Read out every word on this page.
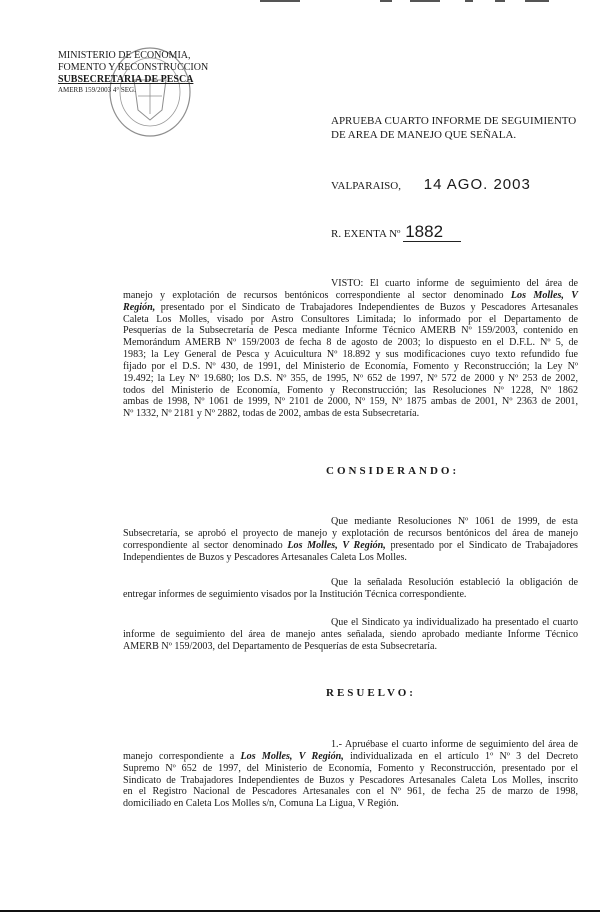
MINISTERIO DE ECONOMIA,
FOMENTO Y RECONSTRUCCION
SUBSECRETARIA DE PESCA
AMERB 159/2003 4° SEG.
APRUEBA CUARTO INFORME DE SEGUIMIENTO
DE AREA DE MANEJO QUE SEÑALA.
VALPARAISO, 14 AGO. 2003
R. EXENTA Nº 1882
VISTO: El cuarto informe de seguimiento del área de
manejo y explotación de recursos bentónicos correspondiente al sector denominado Los Molles, V
Región, presentado por el Sindicato de Trabajadores Independientes de Buzos y Pescadores Artesanales
Caleta Los Molles, visado por Astro Consultores Limitada; lo informado por el Departamento de
Pesquerías de la Subsecretaría de Pesca mediante Informe Técnico AMERB Nº 159/2003, contenido en
Memorándum AMERB Nº 159/2003 de fecha 8 de agosto de 2003; lo dispuesto en el D.F.L. Nº 5, de
1983; la Ley General de Pesca y Acuicultura Nº 18.892 y sus modificaciones cuyo texto refundido fue
fijado por el D.S. Nº 430, de 1991, del Ministerio de Economía, Fomento y Reconstrucción; la Ley Nº
19.492; la Ley Nº 19.680; los D.S. Nº 355, de 1995, Nº 652 de 1997, Nº 572 de 2000 y Nº 253 de 2002,
todos del Ministerio de Economía, Fomento y Reconstrucción; las Resoluciones Nº 1228, Nº 1862
ambas de 1998, Nº 1061 de 1999, Nº 2101 de 2000, Nº 159, Nº 1875 ambas de 2001, Nº 2363 de 2001,
Nº 1332, Nº 2181 y Nº 2882, todas de 2002, ambas de esta Subsecretaría.
CONSIDERANDO:
Que mediante Resoluciones Nº 1061 de 1999, de esta
Subsecretaría, se aprobó el proyecto de manejo y explotación de recursos bentónicos del área de manejo
correspondiente al sector denominado Los Molles, V Región, presentado por el Sindicato de Trabajadores
Independientes de Buzos y Pescadores Artesanales Caleta Los Molles.
Que la señalada Resolución estableció la obligación de
entregar informes de seguimiento visados por la Institución Técnica correspondiente.
Que el Sindicato ya individualizado ha presentado el cuarto
informe de seguimiento del área de manejo antes señalada, siendo aprobado mediante Informe Técnico
AMERB Nº 159/2003, del Departamento de Pesquerías de esta Subsecretaría.
RESUELVO:
1.- Apruébase el cuarto informe de seguimiento del área de
manejo correspondiente a Los Molles, V Región, individualizada en el artículo 1º Nº 3 del Decreto
Supremo Nº 652 de 1997, del Ministerio de Economía, Fomento y Reconstrucción, presentado por el
Sindicato de Trabajadores Independientes de Buzos y Pescadores Artesanales Caleta Los Molles, inscrito
en el Registro Nacional de Pescadores Artesanales con el Nº 961, de fecha 25 de marzo de 1998,
domiciliado en Caleta Los Molles s/n, Comuna La Ligua, V Región.
